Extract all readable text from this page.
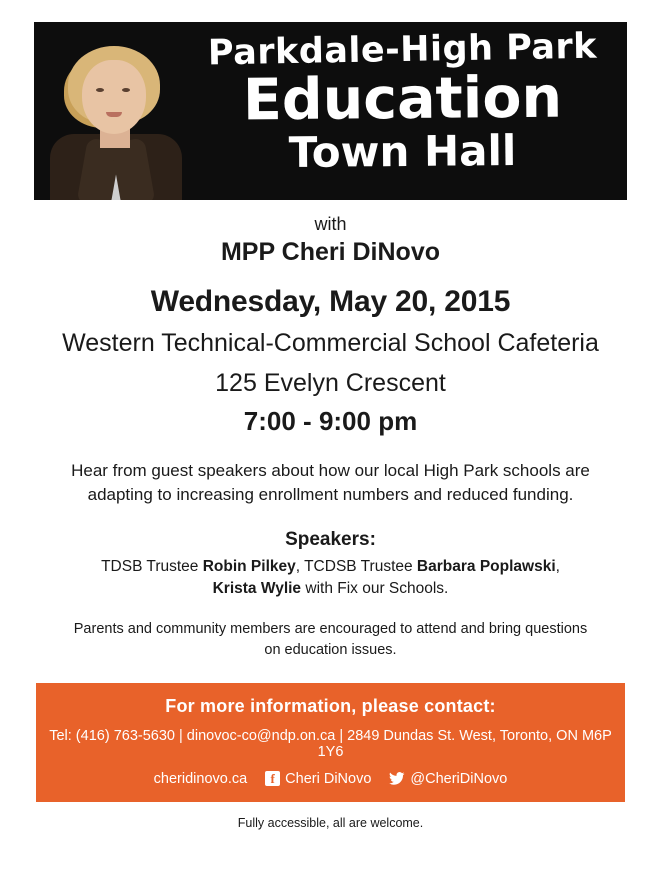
Parkdale-High Park
Education
Town Hall
with
MPP Cheri DiNovo
Wednesday, May 20, 2015
Western Technical-Commercial School Cafeteria
125 Evelyn Crescent
7:00 - 9:00 pm
Hear from guest speakers about how our local High Park schools are adapting to increasing enrollment numbers and reduced funding.
Speakers:
TDSB Trustee Robin Pilkey, TCDSB Trustee Barbara Poplawski,
Krista Wylie with Fix our Schools.
Parents and community members are encouraged to attend and bring questions on education issues.
For more information, please contact:
Tel: (416) 763-5630 | dinovoc-co@ndp.on.ca | 2849 Dundas St. West, Toronto, ON M6P 1Y6
cheridinovo.ca	f Cheri DiNovo	@CheriDiNovo
Fully accessible, all are welcome.
